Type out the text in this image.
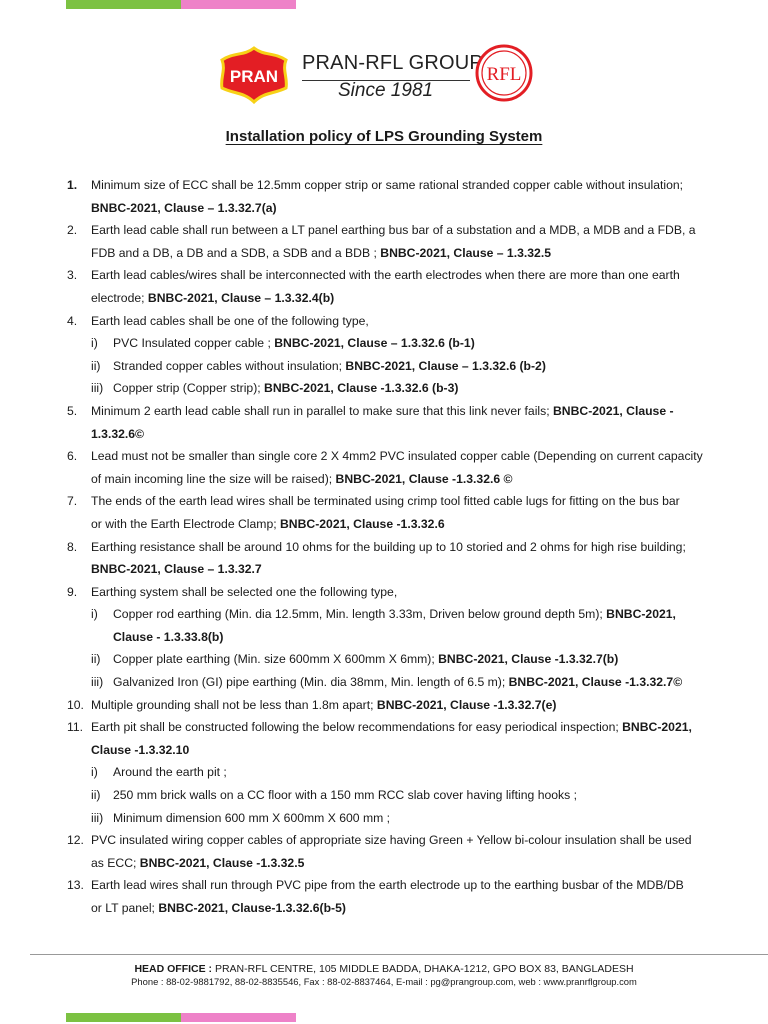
PRAN
PRAN-RFL GROUP
Since 1981
RFL
Installation policy of LPS Grounding System
1.	Minimum size of ECC shall be 12.5mm copper strip or same rational stranded copper cable without insulation;
BNBC-2021, Clause – 1.3.32.7(a)
2.	Earth lead cable shall run between a LT panel earthing bus bar of a substation and a MDB, a MDB and a FDB, a
FDB and a DB, a DB and a SDB, a SDB and a BDB ; BNBC-2021, Clause – 1.3.32.5
3.	Earth lead cables/wires shall be interconnected with the earth electrodes when there are more than one earth
electrode; BNBC-2021, Clause – 1.3.32.4(b)
4.	Earth lead cables shall be one of the following type,
i)	PVC Insulated copper cable ; BNBC-2021, Clause – 1.3.32.6 (b-1)
ii)	Stranded copper cables without insulation; BNBC-2021, Clause – 1.3.32.6 (b-2)
iii) Copper strip (Copper strip); BNBC-2021, Clause -1.3.32.6 (b-3)
5.	Minimum 2 earth lead cable shall run in parallel to make sure that this link never fails; BNBC-2021, Clause -
1.3.32.6©
6.	Lead must not be smaller than single core 2 X 4mm2 PVC insulated copper cable (Depending on current capacity
of main incoming line the size will be raised); BNBC-2021, Clause -1.3.32.6 ©
7.	The ends of the earth lead wires shall be terminated using crimp tool fitted cable lugs for fitting on the bus bar
or with the Earth Electrode Clamp; BNBC-2021, Clause -1.3.32.6
8.	Earthing resistance shall be around 10 ohms for the building up to 10 storied and 2 ohms for high rise building;
BNBC-2021, Clause – 1.3.32.7
9.	Earthing system shall be selected one the following type,
i)	Copper rod earthing (Min. dia 12.5mm, Min. length 3.33m, Driven below ground depth 5m); BNBC-2021,
Clause - 1.3.33.8(b)
ii)	Copper plate earthing (Min. size 600mm X 600mm X 6mm); BNBC-2021, Clause -1.3.32.7(b)
iii) Galvanized Iron (GI) pipe earthing (Min. dia 38mm, Min. length of 6.5 m); BNBC-2021, Clause -1.3.32.7©
10. Multiple grounding shall not be less than 1.8m apart; BNBC-2021, Clause -1.3.32.7(e)
11. Earth pit shall be constructed following the below recommendations for easy periodical inspection; BNBC-2021,
Clause -1.3.32.10
i)	Around the earth pit ;
ii)	250 mm brick walls on a CC floor with a 150 mm RCC slab cover having lifting hooks ;
iii) Minimum dimension 600 mm X 600mm X 600 mm ;
12. PVC insulated wiring copper cables of appropriate size having Green + Yellow bi-colour insulation shall be used
as ECC; BNBC-2021, Clause -1.3.32.5
13. Earth lead wires shall run through PVC pipe from the earth electrode up to the earthing busbar of the MDB/DB
or LT panel; BNBC-2021, Clause-1.3.32.6(b-5)
HEAD OFFICE : PRAN-RFL CENTRE, 105 MIDDLE BADDA, DHAKA-1212, GPO BOX 83, BANGLADESH
Phone : 88-02-9881792, 88-02-8835546, Fax : 88-02-8837464, E-mail : pg@prangroup.com, web : www.pranrflgroup.com
